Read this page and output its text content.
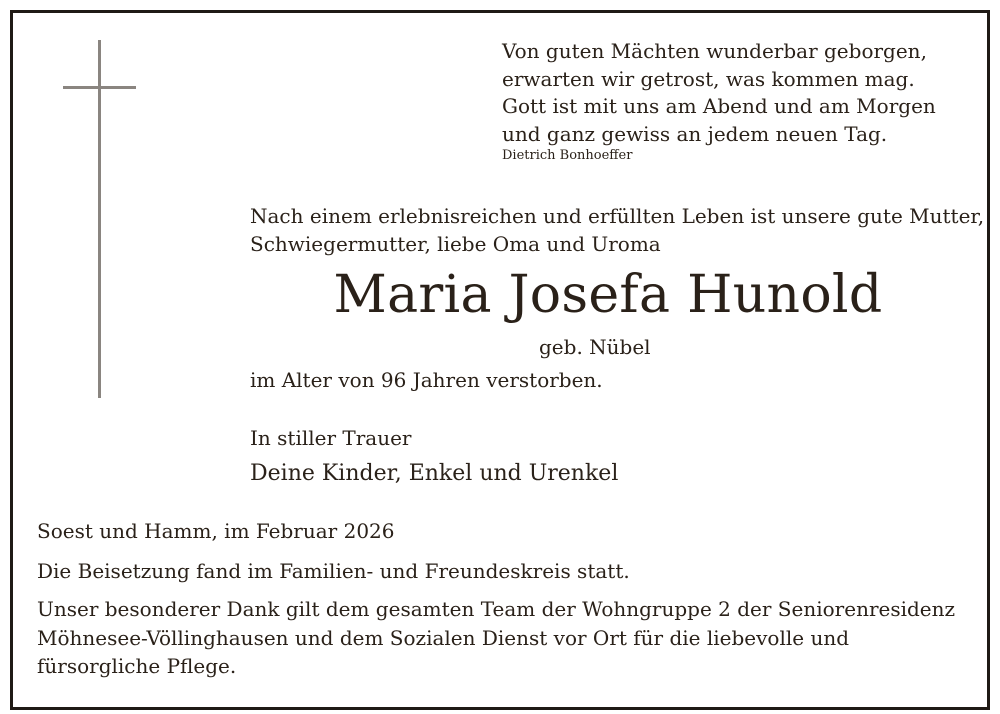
Von guten Mächten wunderbar geborgen,
erwarten wir getrost, was kommen mag.
Gott ist mit uns am Abend und am Morgen
und ganz gewiss an jedem neuen Tag.
Dietrich Bonhoeffer
Nach einem erlebnisreichen und erfüllten Leben ist unsere gute Mutter,
Schwiegermutter, liebe Oma und Uroma
Maria Josefa Hunold
geb. Nübel
im Alter von 96 Jahren verstorben.
In stiller Trauer
Deine Kinder, Enkel und Urenkel
Soest und Hamm, im Februar 2026
Die Beisetzung fand im Familien- und Freundeskreis statt.
Unser besonderer Dank gilt dem gesamten Team der Wohngruppe 2 der Seniorenresidenz
Möhnesee-Völlinghausen und dem Sozialen Dienst vor Ort für die liebevolle und
fürsorgliche Pflege.
